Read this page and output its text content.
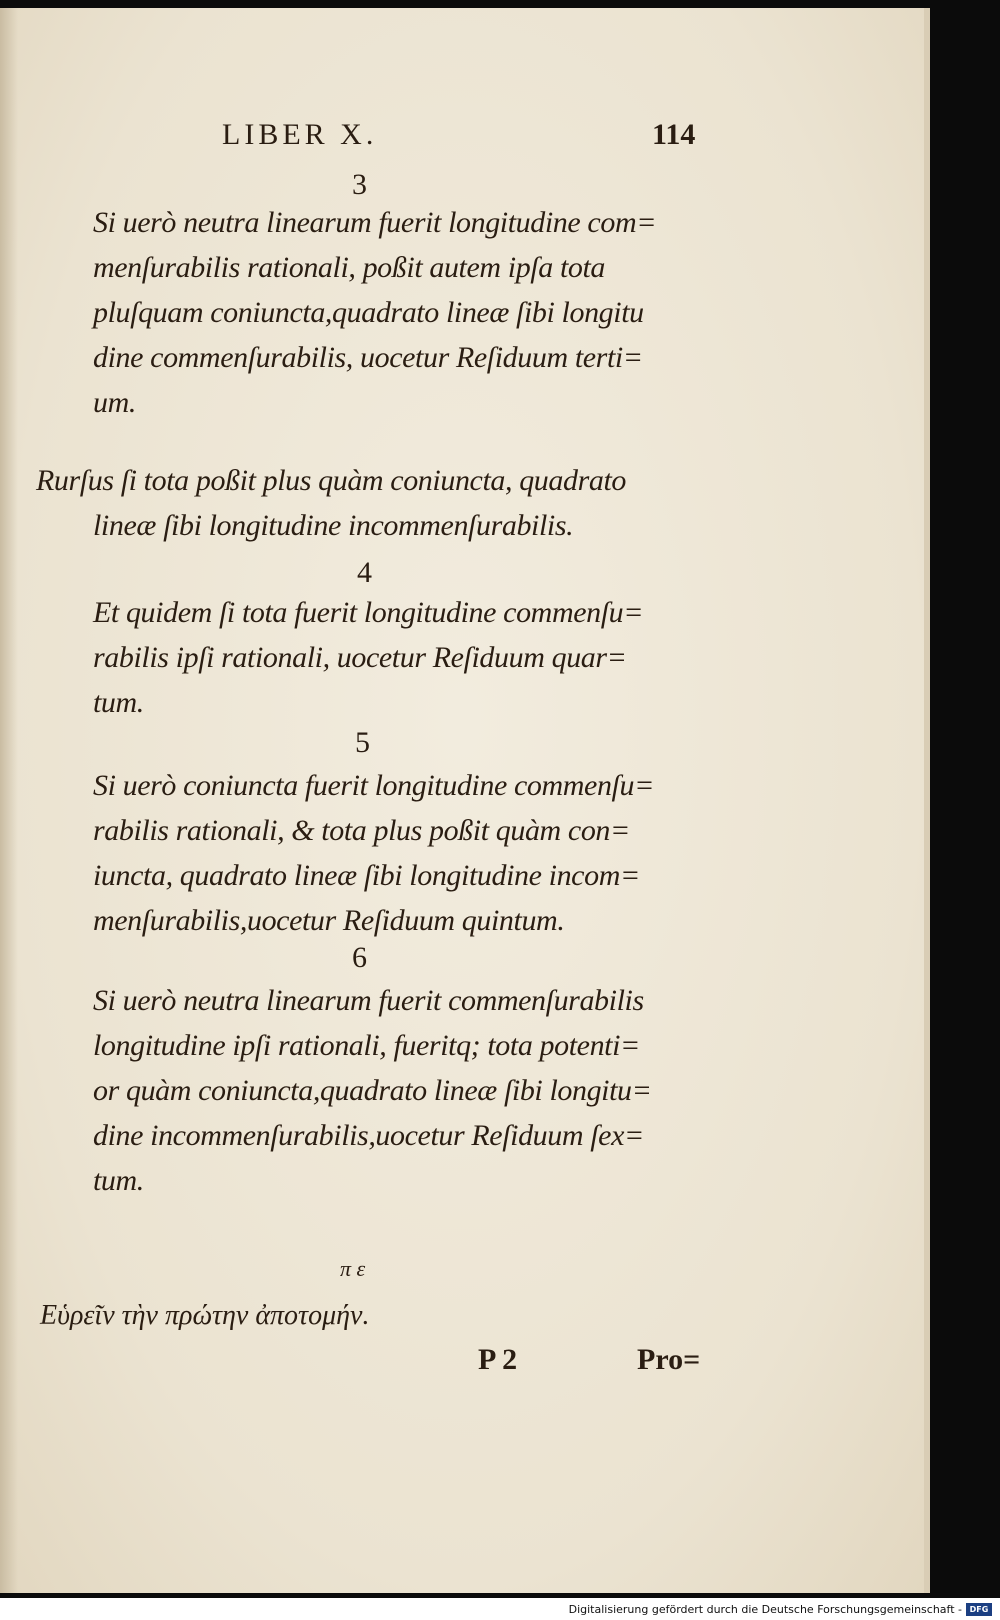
LIBER X.	114
3
Si uerò neutra linearum fuerit longitudine com=
menſurabilis rationali, poßit autem ipſa tota
pluſquam coniuncta,quadrato lineæ ſibi longitu
dine commenſurabilis, uocetur Reſiduum terti=
um.
Rurſus ſi tota poßit plus quàm coniuncta, quadrato
lineæ ſibi longitudine incommenſurabilis.
4
Et quidem ſi tota fuerit longitudine commenſu=
rabilis ipſi rationali, uocetur Reſiduum quar=
tum.
5
Si uerò coniuncta fuerit longitudine commenſu=
rabilis rationali, & tota plus poßit quàm con=
iuncta, quadrato lineæ ſibi longitudine incom=
menſurabilis,uocetur Reſiduum quintum.
6
Si uerò neutra linearum fuerit commenſurabilis
longitudine ipſi rationali, fueritq; tota potenti=
or quàm coniuncta,quadrato lineæ ſibi longitu=
dine incommenſurabilis,uocetur Reſiduum ſex=
tum.
π ε
Εὑρεῖν τὴν πρώτην ἀποτομήν.
P 2	Pro=
Digitalisierung gefördert durch die Deutsche Forschungsgemeinschaft - DFG
